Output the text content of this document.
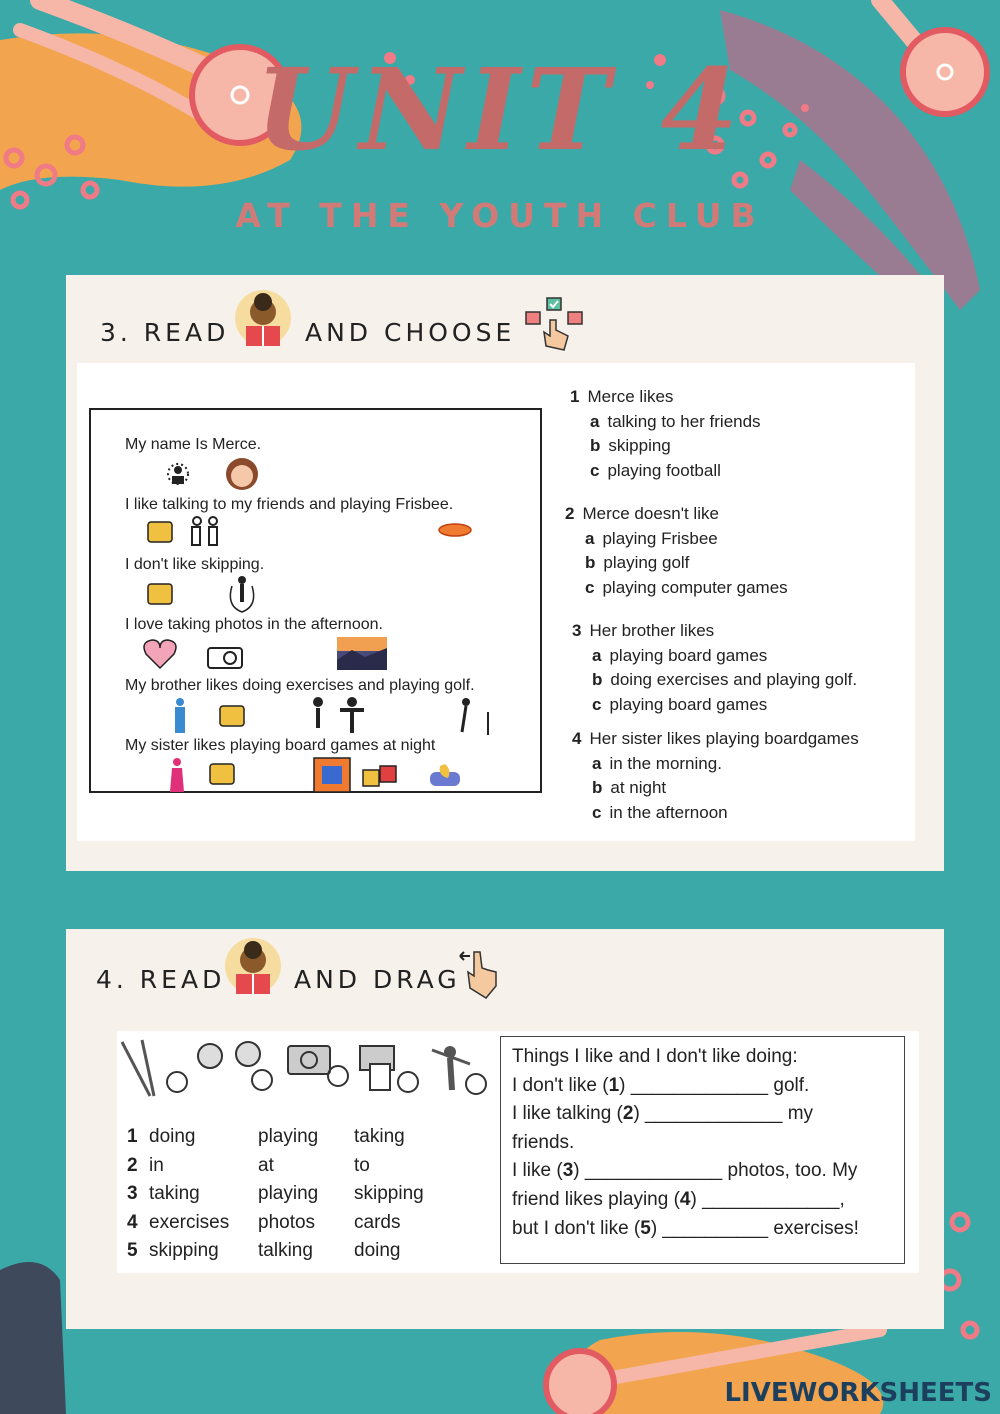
UNIT 4
AT THE YOUTH CLUB
3. READ	AND CHOOSE
My name Is Merce.
I like talking to my friends and playing Frisbee.
I don't like skipping.
I love taking photos in the afternoon.
My brother likes doing exercises and playing golf.
My sister likes playing board games at night
1 Merce likes
a talking to her friends
b skipping
c playing football
2 Merce doesn't like
a playing Frisbee
b playing golf
c playing computer games
3 Her brother likes
a playing board games
b doing exercises and playing golf.
c playing board games
4 Her sister likes playing boardgames
a in the morning.
b at night
c in the afternoon
4. READ	AND DRAG
1 doing	playing	taking
2 in	at	to
3 taking	playing	skipping
4 exercises	photos	cards
5 skipping	talking	doing
Things I like and I don't like doing:
I don't like (1) _____________ golf.
I like talking (2) _____________ my
friends.
I like (3) _____________ photos, too. My
friend likes playing (4) _____________,
but I don't like (5) __________ exercises!
LIVEWORKSHEETS
